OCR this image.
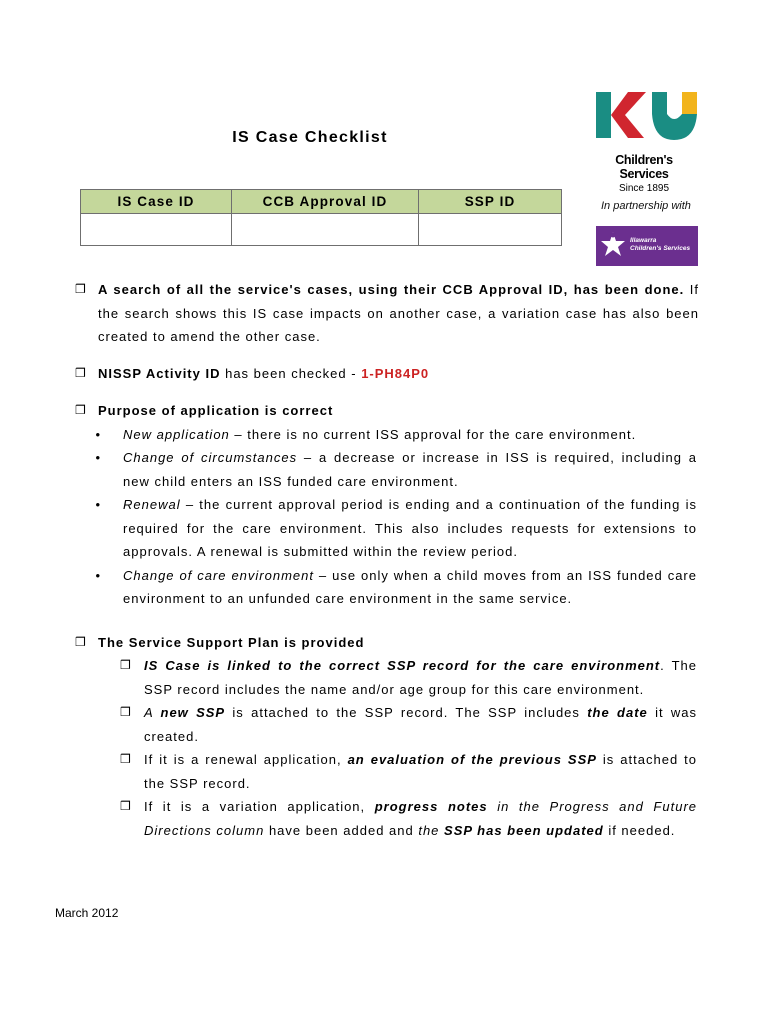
IS Case Checklist
IS Case ID	CCB Approval ID	SSP ID

Children's Services
Since 1895
In partnership with
Illawarra
Children's Services
❒ A search of all the service's cases, using their CCB Approval ID, has been done. If the search shows this IS case impacts on another case, a variation case has also been created to amend the other case.
❒ NISSP Activity ID has been checked - 1-PH84P0
❒ Purpose of application is correct
•	New application – there is no current ISS approval for the care environment.
•	Change of circumstances – a decrease or increase in ISS is required, including a new child enters an ISS funded care environment.
•	Renewal – the current approval period is ending and a continuation of the funding is required for the care environment. This also includes requests for extensions to approvals. A renewal is submitted within the review period.
•	Change of care environment – use only when a child moves from an ISS funded care environment to an unfunded care environment in the same service.
❒ The Service Support Plan is provided
❒	IS Case is linked to the correct SSP record for the care environment. The SSP record includes the name and/or age group for this care environment.
❒	A new SSP is attached to the SSP record. The SSP includes the date it was created.
❒	If it is a renewal application, an evaluation of the previous SSP is attached to the SSP record.
❒	If it is a variation application, progress notes in the Progress and Future Directions column have been added and the SSP has been updated if needed.
March 2012
